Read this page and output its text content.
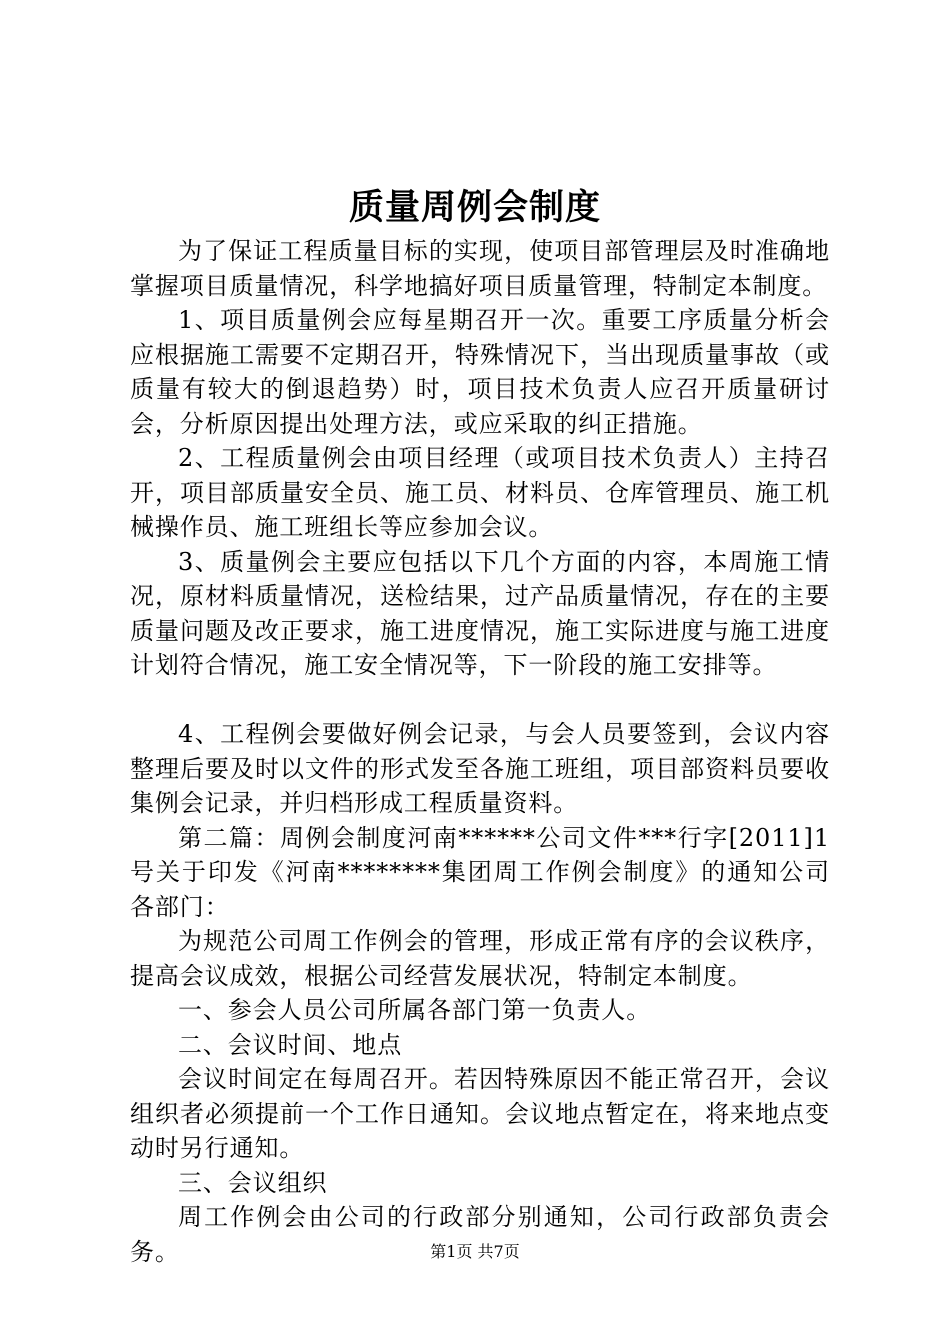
质量周例会制度

为了保证工程质量目标的实现，使项目部管理层及时准确地掌握项目质量情况，科学地搞好项目质量管理，特制定本制度。

1、项目质量例会应每星期召开一次。重要工序质量分析会应根据施工需要不定期召开，特殊情况下，当出现质量事故（或质量有较大的倒退趋势）时，项目技术负责人应召开质量研讨会，分析原因提出处理方法，或应采取的纠正措施。

2、工程质量例会由项目经理（或项目技术负责人）主持召开，项目部质量安全员、施工员、材料员、仓库管理员、施工机械操作员、施工班组长等应参加会议。

3、质量例会主要应包括以下几个方面的内容，本周施工情况，原材料质量情况，送检结果，过产品质量情况，存在的主要质量问题及改正要求，施工进度情况，施工实际进度与施工进度计划符合情况，施工安全情况等，下一阶段的施工安排等。

4、工程例会要做好例会记录，与会人员要签到，会议内容整理后要及时以文件的形式发至各施工班组，项目部资料员要收集例会记录，并归档形成工程质量资料。

第二篇：周例会制度河南******公司文件***行字[2011]1号关于印发《河南********集团周工作例会制度》的通知公司各部门：

为规范公司周工作例会的管理，形成正常有序的会议秩序，提高会议成效，根据公司经营发展状况，特制定本制度。

一、参会人员公司所属各部门第一负责人。

二、会议时间、地点

会议时间定在每周召开。若因特殊原因不能正常召开，会议组织者必须提前一个工作日通知。会议地点暂定在，将来地点变动时另行通知。

三、会议组织

周工作例会由公司的行政部分别通知，公司行政部负责会务。	第1页 共7页
